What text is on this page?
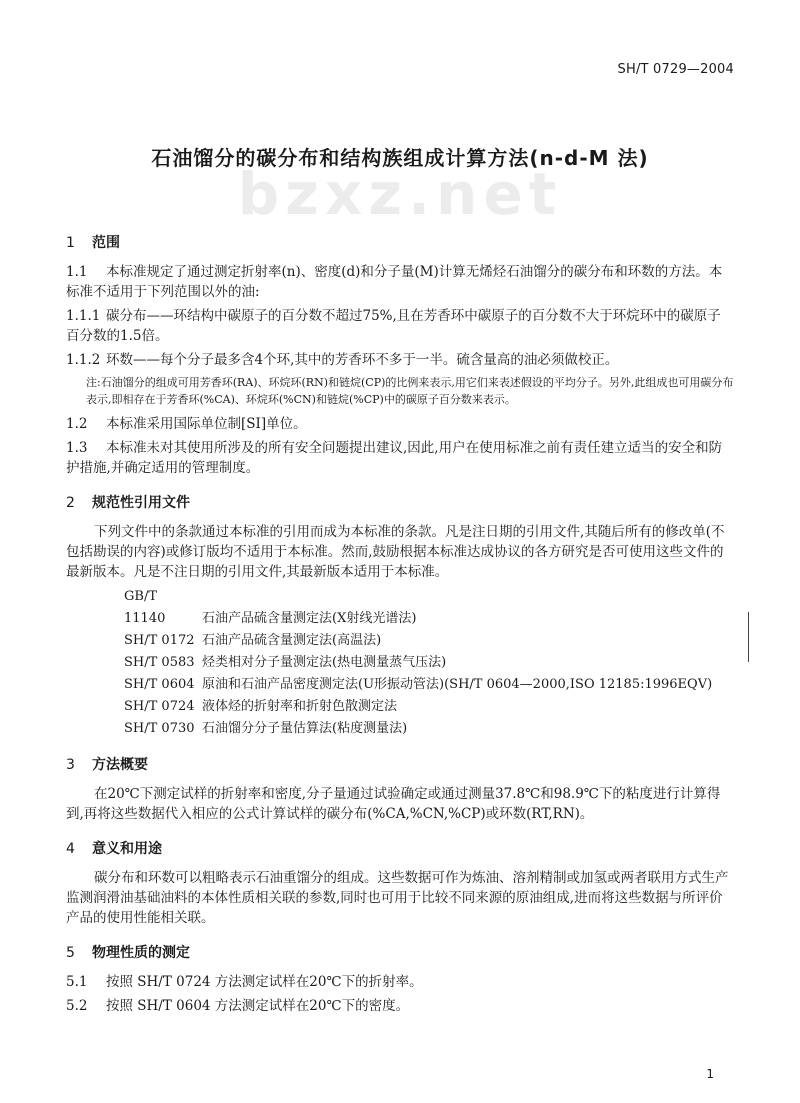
SH/T 0729—2004
bzxz.net
石油馏分的碳分布和结构族组成计算方法(n-d-M 法)
1 范围

1.1 本标准规定了通过测定折射率(n)、密度(d)和分子量(M)计算无烯烃石油馏分的碳分布和环数的方法。本标准不适用于下列范围以外的油:

1.1.1 碳分布——环结构中碳原子的百分数不超过75%,且在芳香环中碳原子的百分数不大于环烷环中的碳原子百分数的1.5倍。

1.1.2 环数——每个分子最多含4个环,其中的芳香环不多于一半。硫含量高的油必须做校正。

注:石油馏分的组成可用芳香环(RA)、环烷环(RN)和链烷(CP)的比例来表示,用它们来表述假设的平均分子。另外,此组成也可用碳分布表示,即相存在于芳香环(%CA)、环烷环(%CN)和链烷(%CP)中的碳原子百分数来表示。

1.2 本标准采用国际单位制[SI]单位。

1.3 本标准未对其使用所涉及的所有安全问题提出建议,因此,用户在使用标准之前有责任建立适当的安全和防护措施,并确定适用的管理制度。

2 规范性引用文件

下列文件中的条款通过本标准的引用而成为本标准的条款。凡是注日期的引用文件,其随后所有的修改单(不包括勘误的内容)或修订版均不适用于本标准。然而,鼓励根据本标准达成协议的各方研究是否可使用这些文件的最新版本。凡是不注日期的引用文件,其最新版本适用于本标准。

GB/T 11140	石油产品硫含量测定法(X射线光谱法)
SH/T 0172 石油产品硫含量测定法(高温法)
SH/T 0583 烃类相对分子量测定法(热电测量蒸气压法)
SH/T 0604 原油和石油产品密度测定法(U形振动管法)(SH/T 0604—2000,ISO 12185:1996EQV)
SH/T 0724 液体烃的折射率和折射色散测定法
SH/T 0730 石油馏分分子量估算法(粘度测量法)
3 方法概要

在20℃下测定试样的折射率和密度,分子量通过试验确定或通过测量37.8℃和98.9℃下的粘度进行计算得到,再将这些数据代入相应的公式计算试样的碳分布(%CA,%CN,%CP)或环数(RT,RN)。

4 意义和用途

碳分布和环数可以粗略表示石油重馏分的组成。这些数据可作为炼油、溶剂精制或加氢或两者联用方式生产监测润滑油基础油料的本体性质相关联的参数,同时也可用于比较不同来源的原油组成,进而将这些数据与所评价产品的使用性能相关联。

5 物理性质的测定

5.1 按照 SH/T 0724 方法测定试样在20℃下的折射率。

5.2 按照 SH/T 0604 方法测定试样在20℃下的密度。

1
